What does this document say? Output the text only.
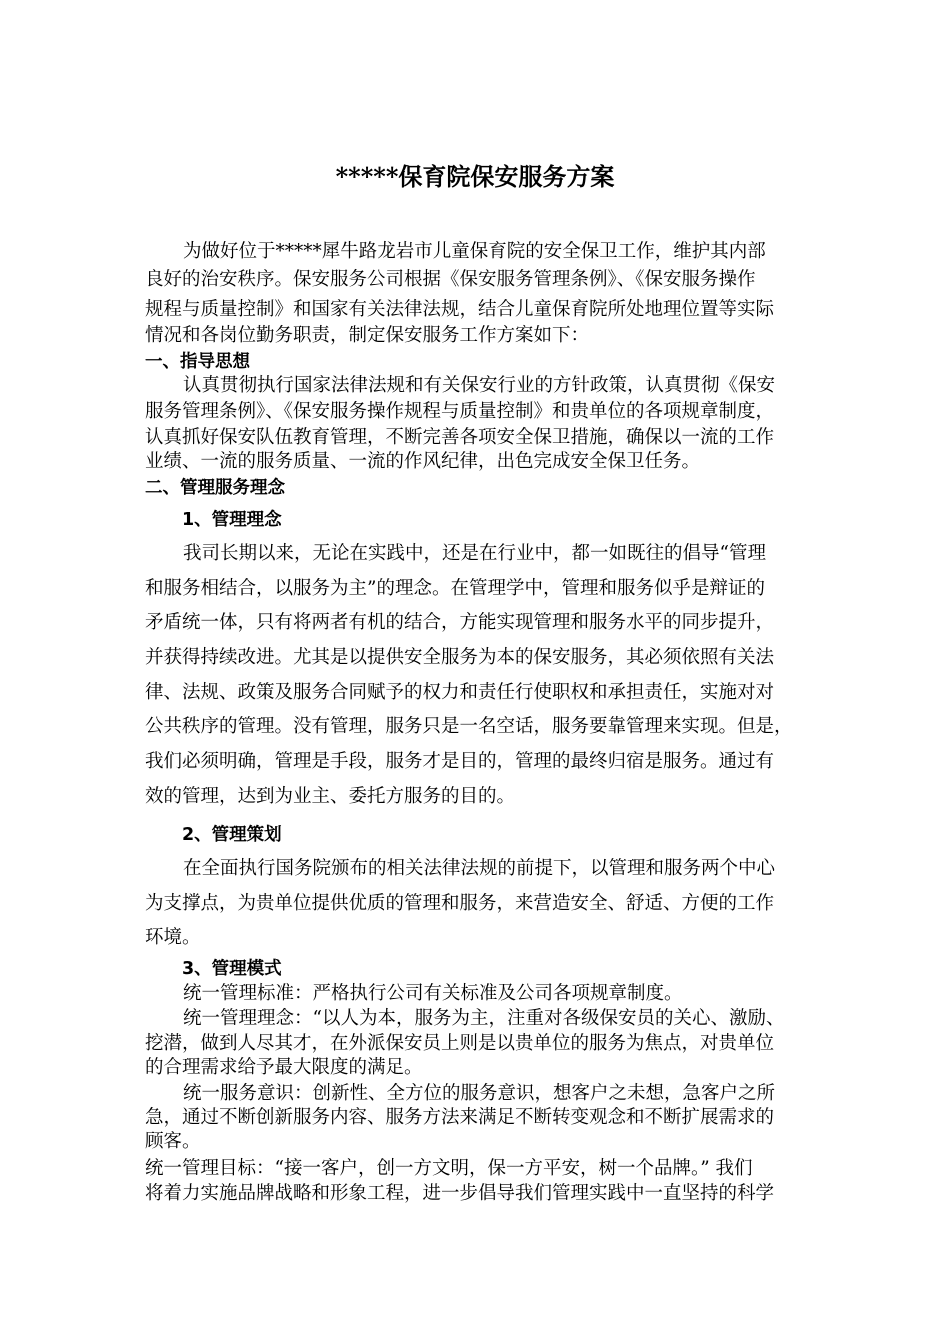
*****保育院保安服务方案
为做好位于*****犀牛路龙岩市儿童保育院的安全保卫工作，维护其内部
良好的治安秩序。保安服务公司根据《保安服务管理条例》、《保安服务操作
规程与质量控制》和国家有关法律法规，结合儿童保育院所处地理位置等实际
情况和各岗位勤务职责，制定保安服务工作方案如下：
一、指导思想
认真贯彻执行国家法律法规和有关保安行业的方针政策，认真贯彻《保安
服务管理条例》、《保安服务操作规程与质量控制》和贵单位的各项规章制度，
认真抓好保安队伍教育管理，不断完善各项安全保卫措施，确保以一流的工作
业绩、一流的服务质量、一流的作风纪律，出色完成安全保卫任务。
二、管理服务理念
1、管理理念
我司长期以来，无论在实践中，还是在行业中，都一如既往的倡导“管理
和服务相结合，以服务为主”的理念。在管理学中，管理和服务似乎是辩证的
矛盾统一体，只有将两者有机的结合，方能实现管理和服务水平的同步提升，
并获得持续改进。尤其是以提供安全服务为本的保安服务，其必须依照有关法
律、法规、政策及服务合同赋予的权力和责任行使职权和承担责任，实施对对
公共秩序的管理。没有管理，服务只是一名空话，服务要靠管理来实现。但是，
我们必须明确，管理是手段，服务才是目的，管理的最终归宿是服务。通过有
效的管理，达到为业主、委托方服务的目的。
2、管理策划
在全面执行国务院颁布的相关法律法规的前提下，以管理和服务两个中心
为支撑点，为贵单位提供优质的管理和服务，来营造安全、舒适、方便的工作
环境。
3、管理模式
统一管理标准：严格执行公司有关标准及公司各项规章制度。
统一管理理念：“以人为本，服务为主，注重对各级保安员的关心、激励、
挖潜，做到人尽其才，在外派保安员上则是以贵单位的服务为焦点，对贵单位
的合理需求给予最大限度的满足。
统一服务意识：创新性、全方位的服务意识，想客户之未想，急客户之所
急，通过不断创新服务内容、服务方法来满足不断转变观念和不断扩展需求的
顾客。
统一管理目标：“接一客户，创一方文明，保一方平安，树一个品牌。” 我们
将着力实施品牌战略和形象工程，进一步倡导我们管理实践中一直坚持的科学
